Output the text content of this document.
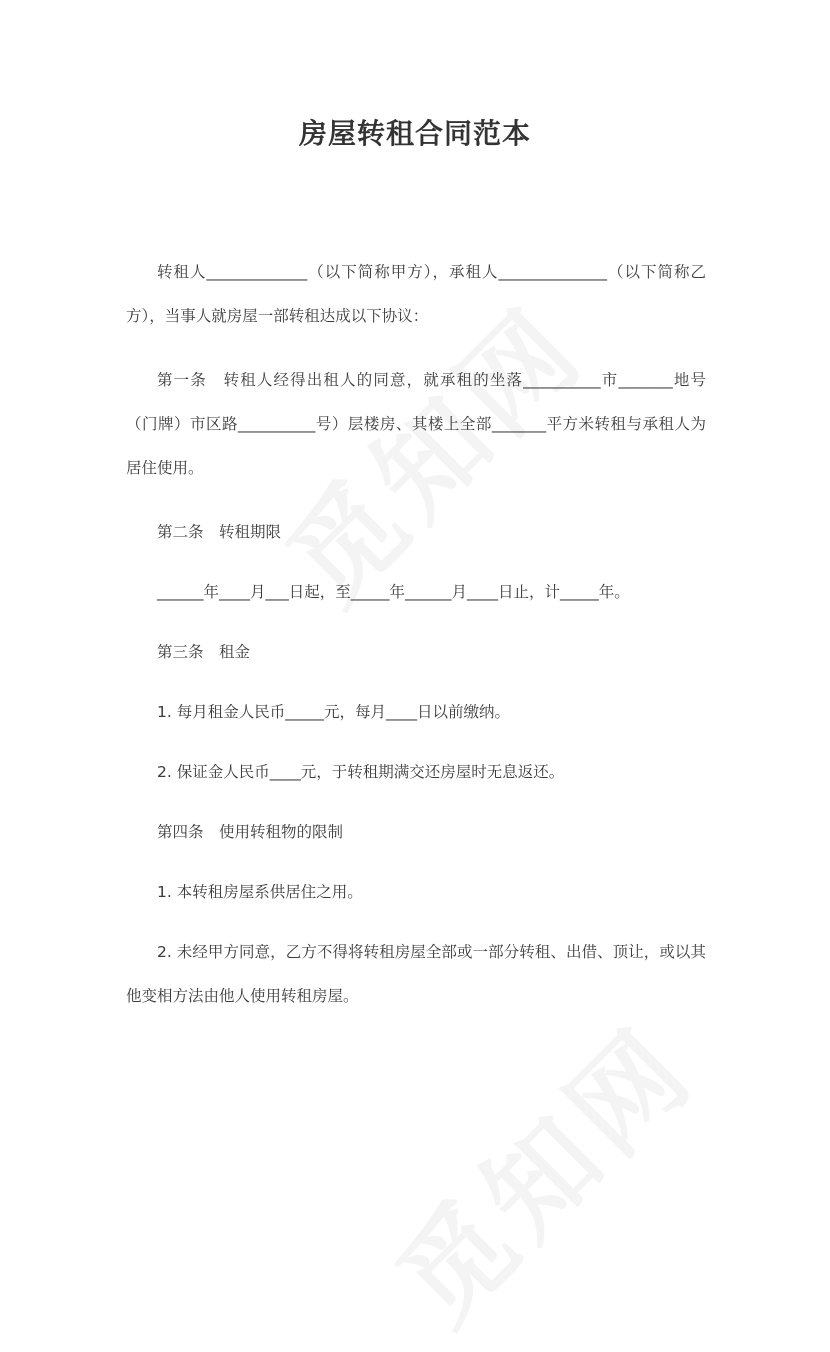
房屋转租合同范本

转租人_____________（以下简称甲方），承租人______________（以下简称乙方），当事人就房屋一部转租达成以下协议：

第一条　转租人经得出租人的同意，就承租的坐落__________市_______地号（门牌）市区路__________号）层楼房、其楼上全部_______平方米转租与承租人为居住使用。

第二条　转租期限

______年____月___日起，至_____年______月____日止，计_____年。

第三条　租金

1. 每月租金人民币_____元，每月____日以前缴纳。

2. 保证金人民币____元，于转租期满交还房屋时无息返还。

第四条　使用转租物的限制

1. 本转租房屋系供居住之用。

2. 未经甲方同意，乙方不得将转租房屋全部或一部分转租、出借、顶让，或以其他变相方法由他人使用转租房屋。
